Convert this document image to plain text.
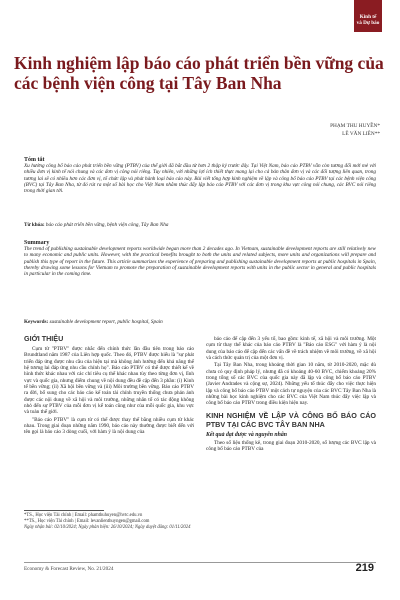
Kinh tế
và Dự báo
Kinh nghiệm lập báo cáo phát triển bền vững của các bệnh viện công tại Tây Ban Nha
PHẠM THU HUYỀN*
LÊ VĂN LIÊN**
Tóm tắt
Xu hướng công bố báo cáo phát triển bền vững (PTBV) của thế giới đã bắt đầu từ hơn 2 thập kỷ trước đây. Tại Việt Nam, báo cáo PTBV vẫn còn tương đối mới mẻ với nhiều đơn vị kinh tế nói chung và các đơn vị công nói riêng. Tuy nhiên, với những lợi ích thiết thực mang lại cho cả bản thân đơn vị và các đối tượng liên quan, trong tương lai sẽ có nhiều hơn các đơn vị, tổ chức lập và phát hành loại báo cáo này. Bài viết tổng hợp kinh nghiệm về lập và công bố báo cáo PTBV tại các bệnh viện công (BVC) tại Tây Ban Nha, từ đó rút ra một số bài học cho Việt Nam nhằm thúc đẩy lập báo cáo PTBV với các đơn vị trong khu vực công nói chung, các BVC nói riêng trong thời gian tới.
Từ khóa: báo cáo phát triển bền vững, bệnh viện công, Tây Ban Nha
Summary
The trend of publishing sustainable development reports worldwide began more than 2 decades ago. In Vietnam, sustainable development reports are still relatively new to many economic and public units. However, with the practical benefits brought to both the units and related subjects, more units and organizations will prepare and publish this type of report in the future. This article summarizes the experience of preparing and publishing sustainable development reports at public hospitals in Spain, thereby drawing some lessons for Vietnam to promote the preparation of sustainable development reports with units in the public sector in general and public hospitals in particular in the coming time.
Keywords: sustainable development report, public hospital, Spain
GIỚI THIỆU

Cụm từ "PTBV" được nhắc đến chính thức lần đầu tiên trong báo cáo Brundtland năm 1987 của Liên hợp quốc. Theo đó, PTBV được hiểu là "sự phát triển đáp ứng được nhu cầu của hiện tại mà không ảnh hưởng đến khả năng thế hệ tương lai đáp ứng nhu cầu chính họ". Báo cáo PTBV có thể được thiết kế về hình thức khác nhau với các chỉ tiêu cụ thể khác nhau tùy theo từng đơn vị, lĩnh vực và quốc gia, nhưng điểm chung về nội dung đều đề cập đến 3 phần: (i) Kinh tế bền vững; (ii) Xã hội bền vững và (iii) Môi trường bền vững. Báo cáo PTBV ra đời, bổ sung cho các báo cáo kế toán tài chính truyền thống chưa phản ánh được các nội dung về xã hội và môi trường, những nhân tố có tác động không nhỏ đến sự PTBV của mỗi đơn vị kể toán cũng như của mỗi quốc gia, khu vực và toàn thế giới.

"Báo cáo PTBV" là cụm từ có thể được thay thế bằng nhiều cụm từ khác nhau. Trong giai đoạn những năm 1990, báo cáo này thường được biết đến với tên gọi là báo cáo 3 dòng cuối, với hàm ý là nội dung của

báo cáo để cập đến 3 yếu tố, bao gồm: kinh tế, xã hội và môi trường. Một cụm từ thay thế khác của báo cáo PTBV là "Báo cáo ESG" với hàm ý là nội dung của báo cáo để cập đến các vấn đề về trách nhiệm về môi trường, về xã hội và cách thức quản trị của một đơn vị.

Tại Tây Ban Nha, trong khoảng thời gian 10 năm, từ 2010-2020, mặc dù chưa có quy định pháp lý, nhưng đã có khoảng 40-60 BVC, chiếm khoảng 20% trong tổng số các BVC của quốc gia này đã lập và công bố báo cáo PTBV (Javier Andrades và cộng sự, 2024). Những yếu tố thúc đẩy cho việc thực hiện lập và công bố báo cáo PTBV một cách tự nguyện của các BVC Tây Ban Nha là những bài học kinh nghiệm cho các BVC của Việt Nam thúc đẩy việc lập và công bố báo cáo PTBV trong điều kiện hiện nay.

KINH NGHIỆM VỀ LẬP VÀ CÔNG BỐ BÁO CÁO PTBV TẠI CÁC BVC TÂY BAN NHA
Kết quả đạt được và nguyên nhân

Theo số liệu thống kê, trong giai đoạn 2010-2020, số lượng các BVC lập và công bố báo cáo PTBV của

*TS., Học viện Tài chính | Email: phamthuhuyen@hvtc.edu.vn
**TS., Học viện Tài chính | Email: levanlienthuyngen@gmail.com
Ngày nhận bài: 02/10/2024; Ngày phản biện: 26/10/2024; Ngày duyệt đăng: 01/11/2024
Economy & Forecast Review, No. 21/2024	219
